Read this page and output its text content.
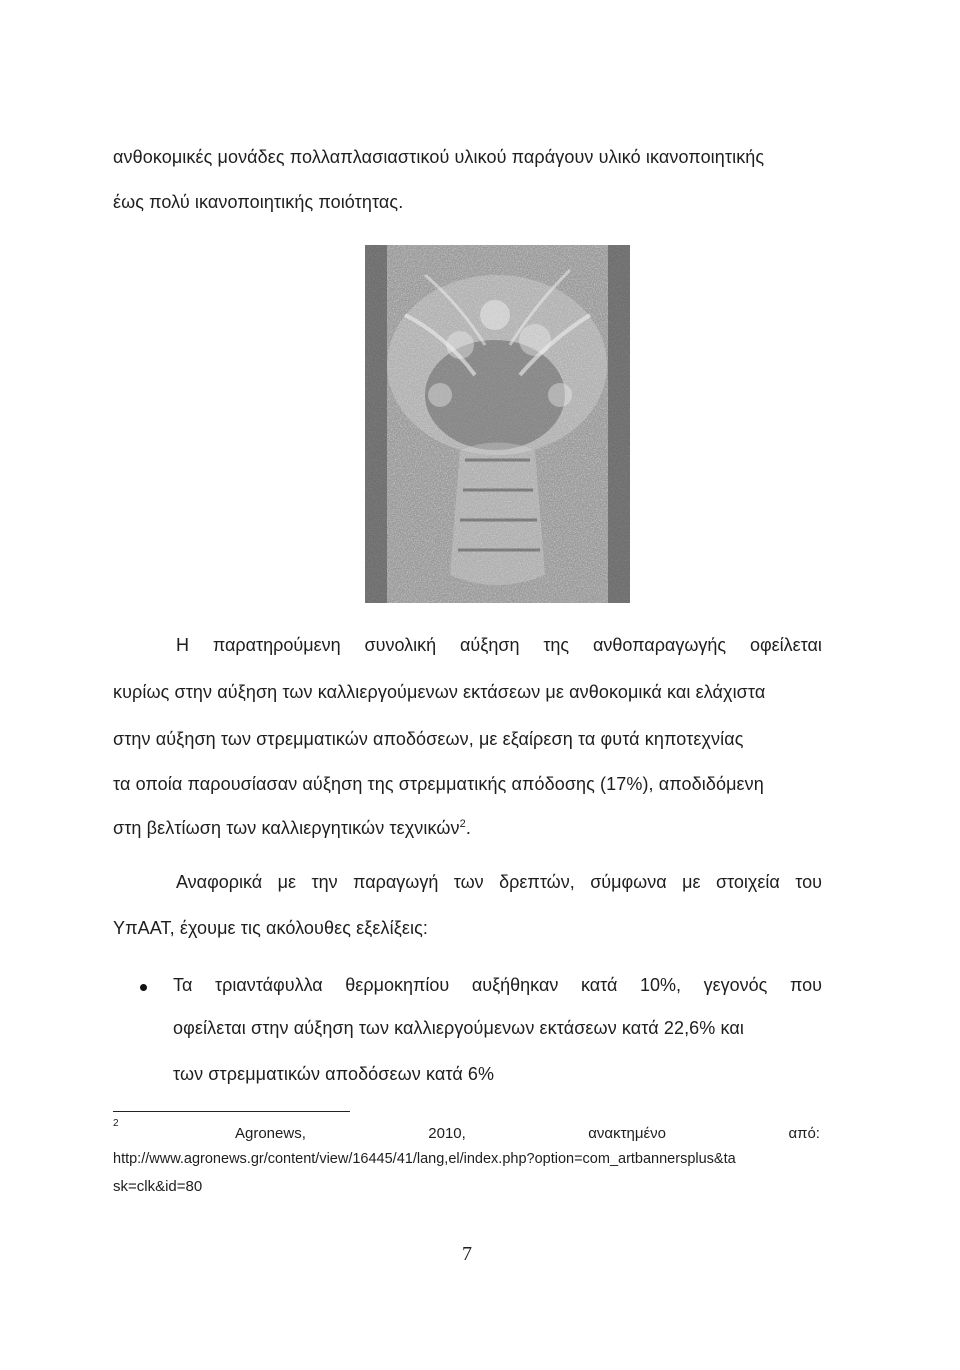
ανθοκομικές μονάδες πολλαπλασιαστικού υλικού παράγουν υλικό ικανοποιητικής
έως πολύ ικανοποιητικής ποιότητας.
Η παρατηρούμενη συνολική αύξηση της ανθοπαραγωγής οφείλεται
κυρίως στην αύξηση των καλλιεργούμενων εκτάσεων με ανθοκομικά και ελάχιστα
στην αύξηση των στρεμματικών αποδόσεων, με εξαίρεση τα φυτά κηποτεχνίας
τα οποία παρουσίασαν αύξηση της στρεμματικής απόδοσης (17%), αποδιδόμενη
στη βελτίωση των καλλιεργητικών τεχνικών$^2$.
Αναφορικά με την παραγωγή των δρεπτών, σύμφωνα με στοιχεία του
ΥπΑΑΤ, έχουμε τις ακόλουθες εξελίξεις:
Τα τριαντάφυλλα θερμοκηπίου αυξήθηκαν κατά 10%, γεγονός που
οφείλεται στην αύξηση των καλλιεργούμενων εκτάσεων κατά 22,6% και
των στρεμματικών αποδόσεων κατά 6%
2
Agronews,	2010,	ανακτημένο	από:
http://www.agronews.gr/content/view/16445/41/lang,el/index.php?option=com_artbannersplus&ta
sk=clk&id=80
7
